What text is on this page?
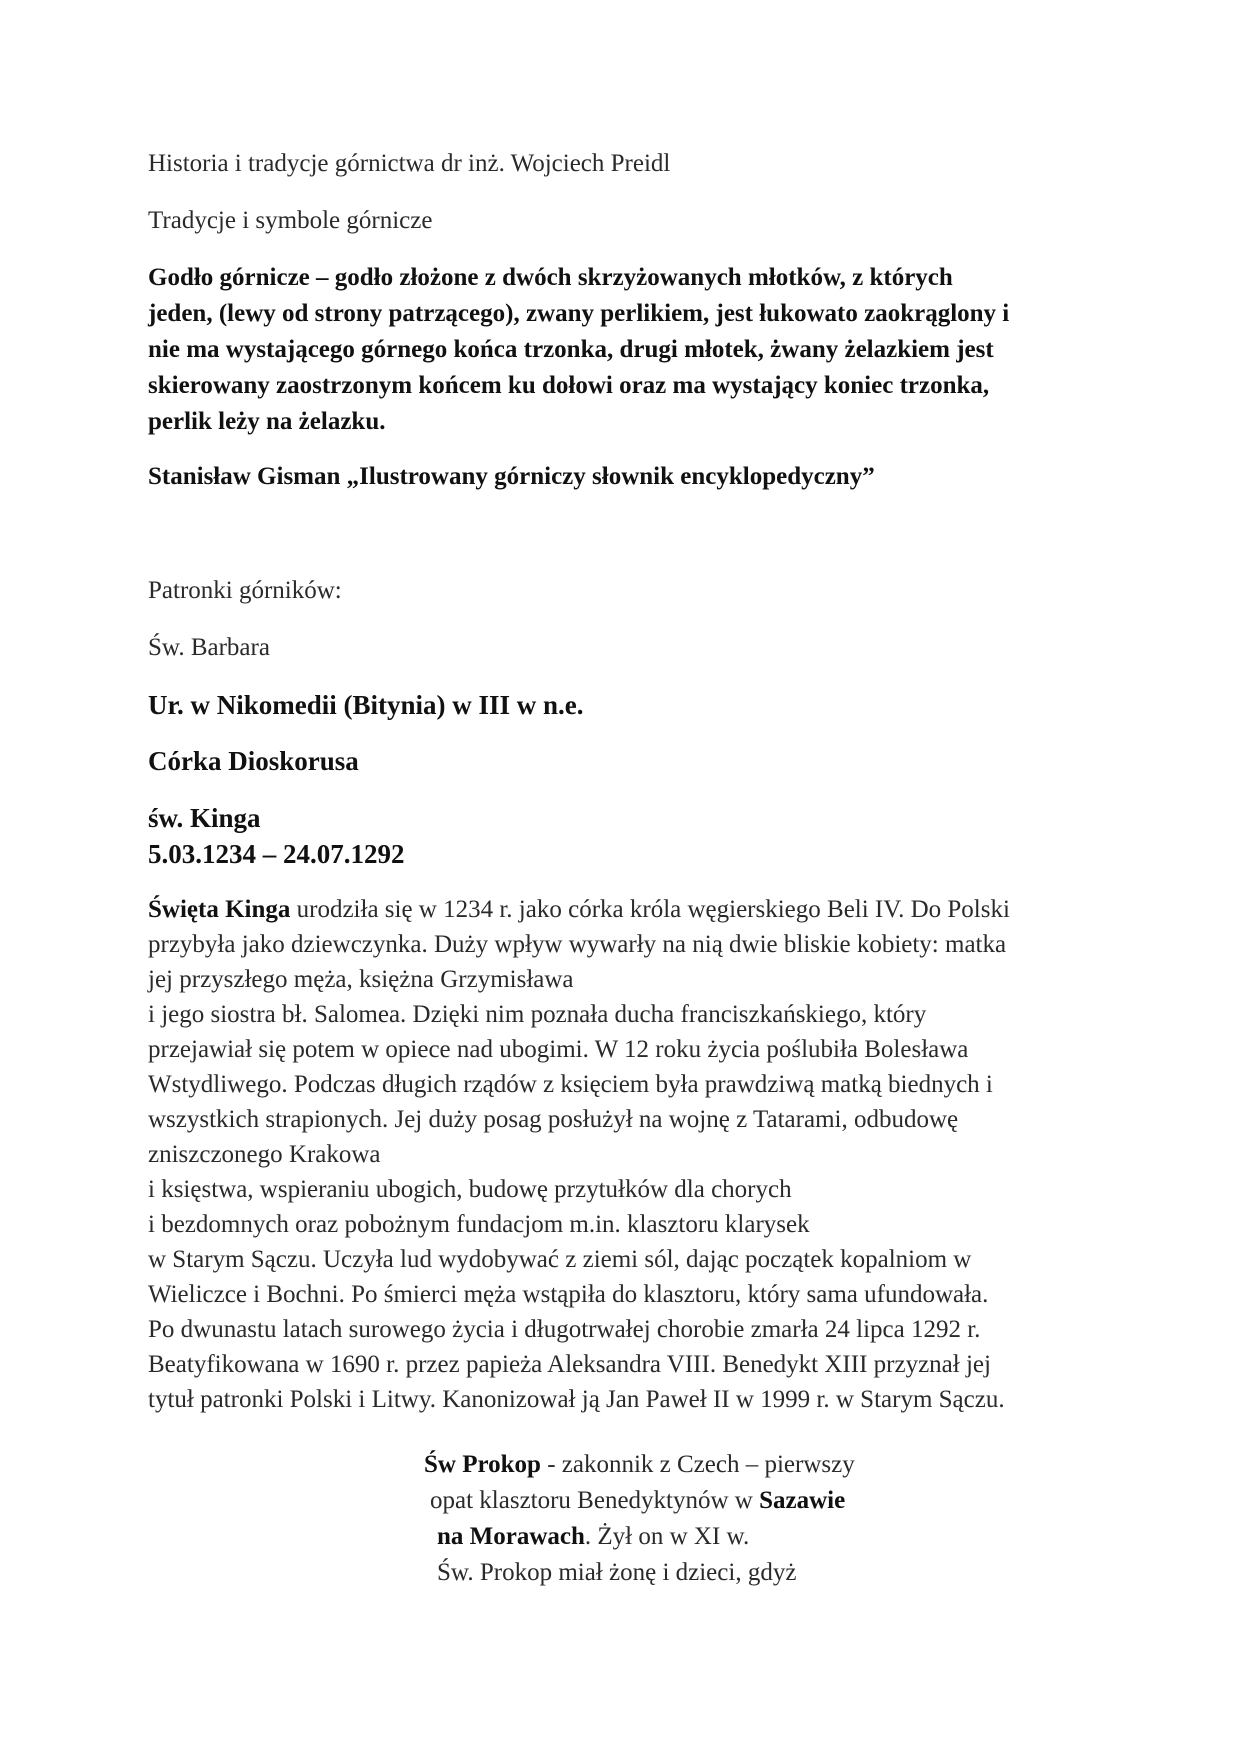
Historia i tradycje górnictwa dr inż. Wojciech Preidl
Tradycje i symbole górnicze
Godło górnicze – godło złożone z dwóch skrzyżowanych młotków, z których
jeden, (lewy od strony patrzącego), zwany perlikiem, jest łukowato zaokrąglony i
nie ma wystającego górnego końca trzonka, drugi młotek, żwany żelazkiem jest
skierowany zaostrzonym końcem ku dołowi oraz ma wystający koniec trzonka,
perlik leży na żelazku.
Stanisław Gisman „Ilustrowany górniczy słownik encyklopedyczny”
Patronki górników:
Św. Barbara
Ur. w Nikomedii (Bitynia) w III w n.e.
Córka Dioskorusa
św. Kinga
5.03.1234 – 24.07.1292
Święta Kinga urodziła się w 1234 r. jako córka króla węgierskiego Beli IV. Do Polski
przybyła jako dziewczynka. Duży wpływ wywarły na nią dwie bliskie kobiety: matka
jej przyszłego męża, księżna Grzymisława
i jego siostra bł. Salomea. Dzięki nim poznała ducha franciszkańskiego, który
przejawiał się potem w opiece nad ubogimi. W 12 roku życia poślubiła Bolesława
Wstydliwego. Podczas długich rządów z księciem była prawdziwą matką biednych i
wszystkich strapionych. Jej duży posag posłużył na wojnę z Tatarami, odbudowę
zniszczonego Krakowa
i księstwa, wspieraniu ubogich, budowę przytułków dla chorych
i bezdomnych oraz pobożnym fundacjom m.in. klasztoru klarysek
w Starym Sączu. Uczyła lud wydobywać z ziemi sól, dając początek kopalniom w
Wieliczce i Bochni. Po śmierci męża wstąpiła do klasztoru, który sama ufundowała.
Po dwunastu latach surowego życia i długotrwałej chorobie zmarła 24 lipca 1292 r.
Beatyfikowana w 1690 r. przez papieża Aleksandra VIII. Benedykt XIII przyznał jej
tytuł patronki Polski i Litwy. Kanonizował ją Jan Paweł II w 1999 r. w Starym Sączu.
Św Prokop - zakonnik z Czech – pierwszy
opat klasztoru Benedyktynów w Sazawie
na Morawach. Żył on w XI w.
Św. Prokop miał żonę i dzieci, gdyż
